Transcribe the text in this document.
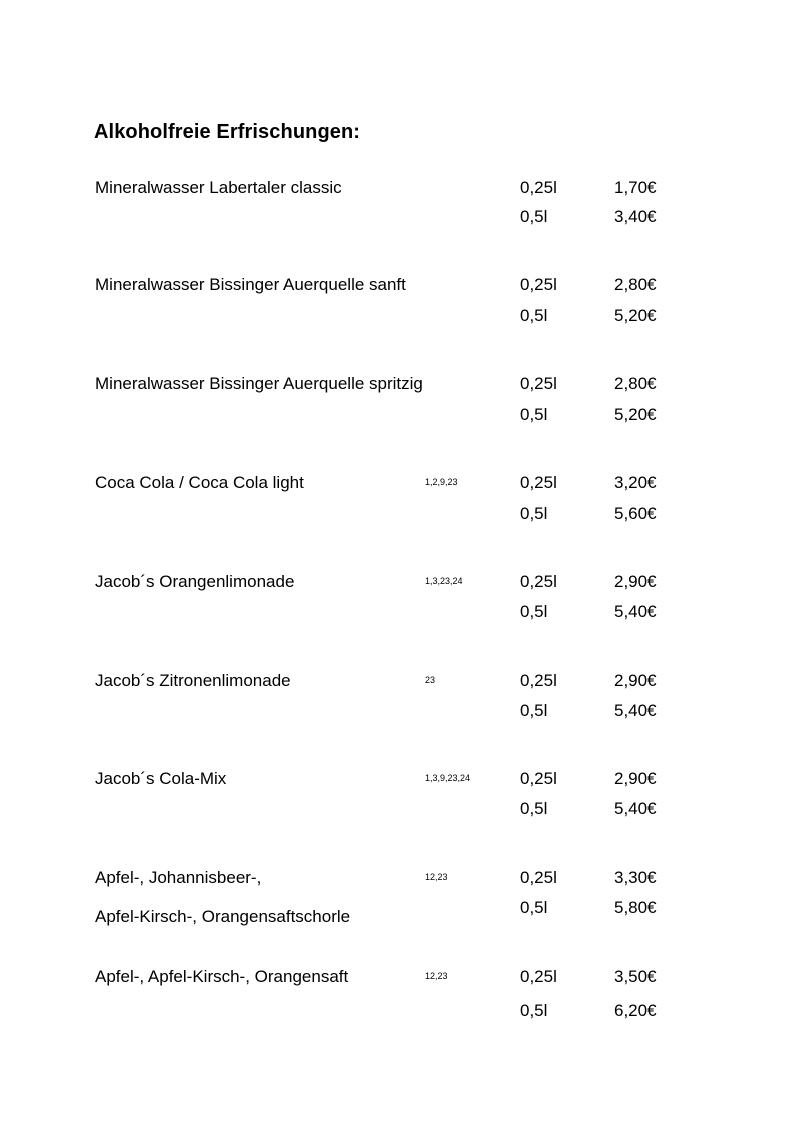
Alkoholfreie Erfrischungen:
Mineralwasser Labertaler classic	0,25l	1,70€
0,5l	3,40€
Mineralwasser Bissinger Auerquelle sanft	0,25l	2,80€
0,5l	5,20€
Mineralwasser Bissinger Auerquelle spritzig	0,25l	2,80€
0,5l	5,20€
Coca Cola / Coca Cola light	1,2,9,23	0,25l	3,20€
0,5l	5,60€
Jacob´s Orangenlimonade	1,3,23,24	0,25l	2,90€
0,5l	5,40€
Jacob´s Zitronenlimonade	23	0,25l	2,90€
0,5l	5,40€
Jacob´s Cola-Mix	1,3,9,23,24	0,25l	2,90€
0,5l	5,40€
Apfel-, Johannisbeer-,
Apfel-Kirsch-, Orangensaftschorle
12,23	0,25l	3,30€
0,5l	5,80€
Apfel-, Apfel-Kirsch-, Orangensaft	12,23	0,25l	3,50€
0,5l	6,20€
